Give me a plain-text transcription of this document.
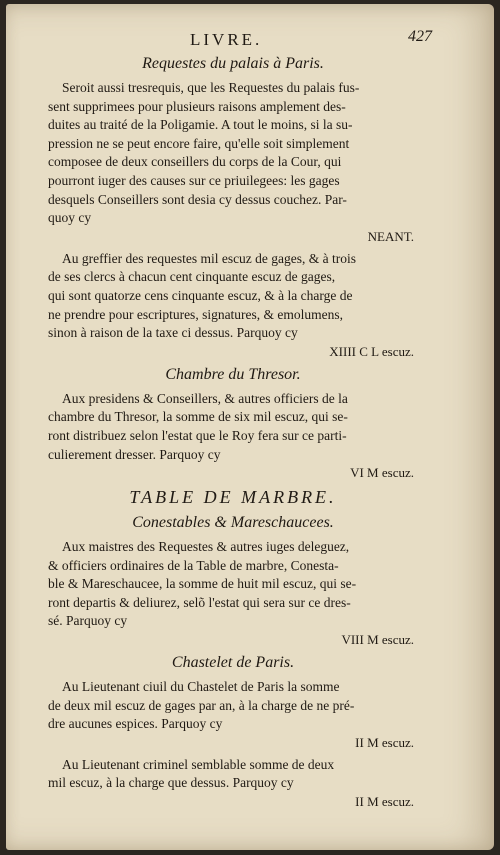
LIVRE.	427
Requestes du palais à Paris.
Seroit aussi tresrequis, que les Requestes du palais fus-
sent supprimees pour plusieurs raisons amplement des-
duites au traité de la Poligamie. A tout le moins, si la su-
pression ne se peut encore faire, qu'elle soit simplement
composee de deux conseillers du corps de la Cour, qui
pourront iuger des causes sur ce priuilegees: les gages
desquels Conseillers sont desia cy dessus couchez. Par-
quoy cy
NEANT.
Au greffier des requestes mil escuz de gages, & à trois
de ses clercs à chacun cent cinquante escuz de gages,
qui sont quatorze cens cinquante escuz, & à la charge de
ne prendre pour escriptures, signatures, & emolumens,
sinon à raison de la taxe ci dessus. Parquoy cy
XIIII C L escuz.
Chambre du Thresor.
Aux presidens & Conseillers, & autres officiers de la
chambre du Thresor, la somme de six mil escuz, qui se-
ront distribuez selon l'estat que le Roy fera sur ce parti-
culierement dresser. Parquoy cy
VI M escuz.
TABLE DE MARBRE.
Conestables & Mareschaucees.
Aux maistres des Requestes & autres iuges deleguez,
& officiers ordinaires de la Table de marbre, Conesta-
ble & Mareschaucee, la somme de huit mil escuz, qui se-
ront departis & deliurez, selõ l'estat qui sera sur ce dres-
sé. Parquoy cy
VIII M escuz.
Chastelet de Paris.
Au Lieutenant ciuil du Chastelet de Paris la somme
de deux mil escuz de gages par an, à la charge de ne pré-
dre aucunes espices. Parquoy cy
II M escuz.
Au Lieutenant criminel semblable somme de deux
mil escuz, à la charge que dessus. Parquoy cy
II M escuz.
